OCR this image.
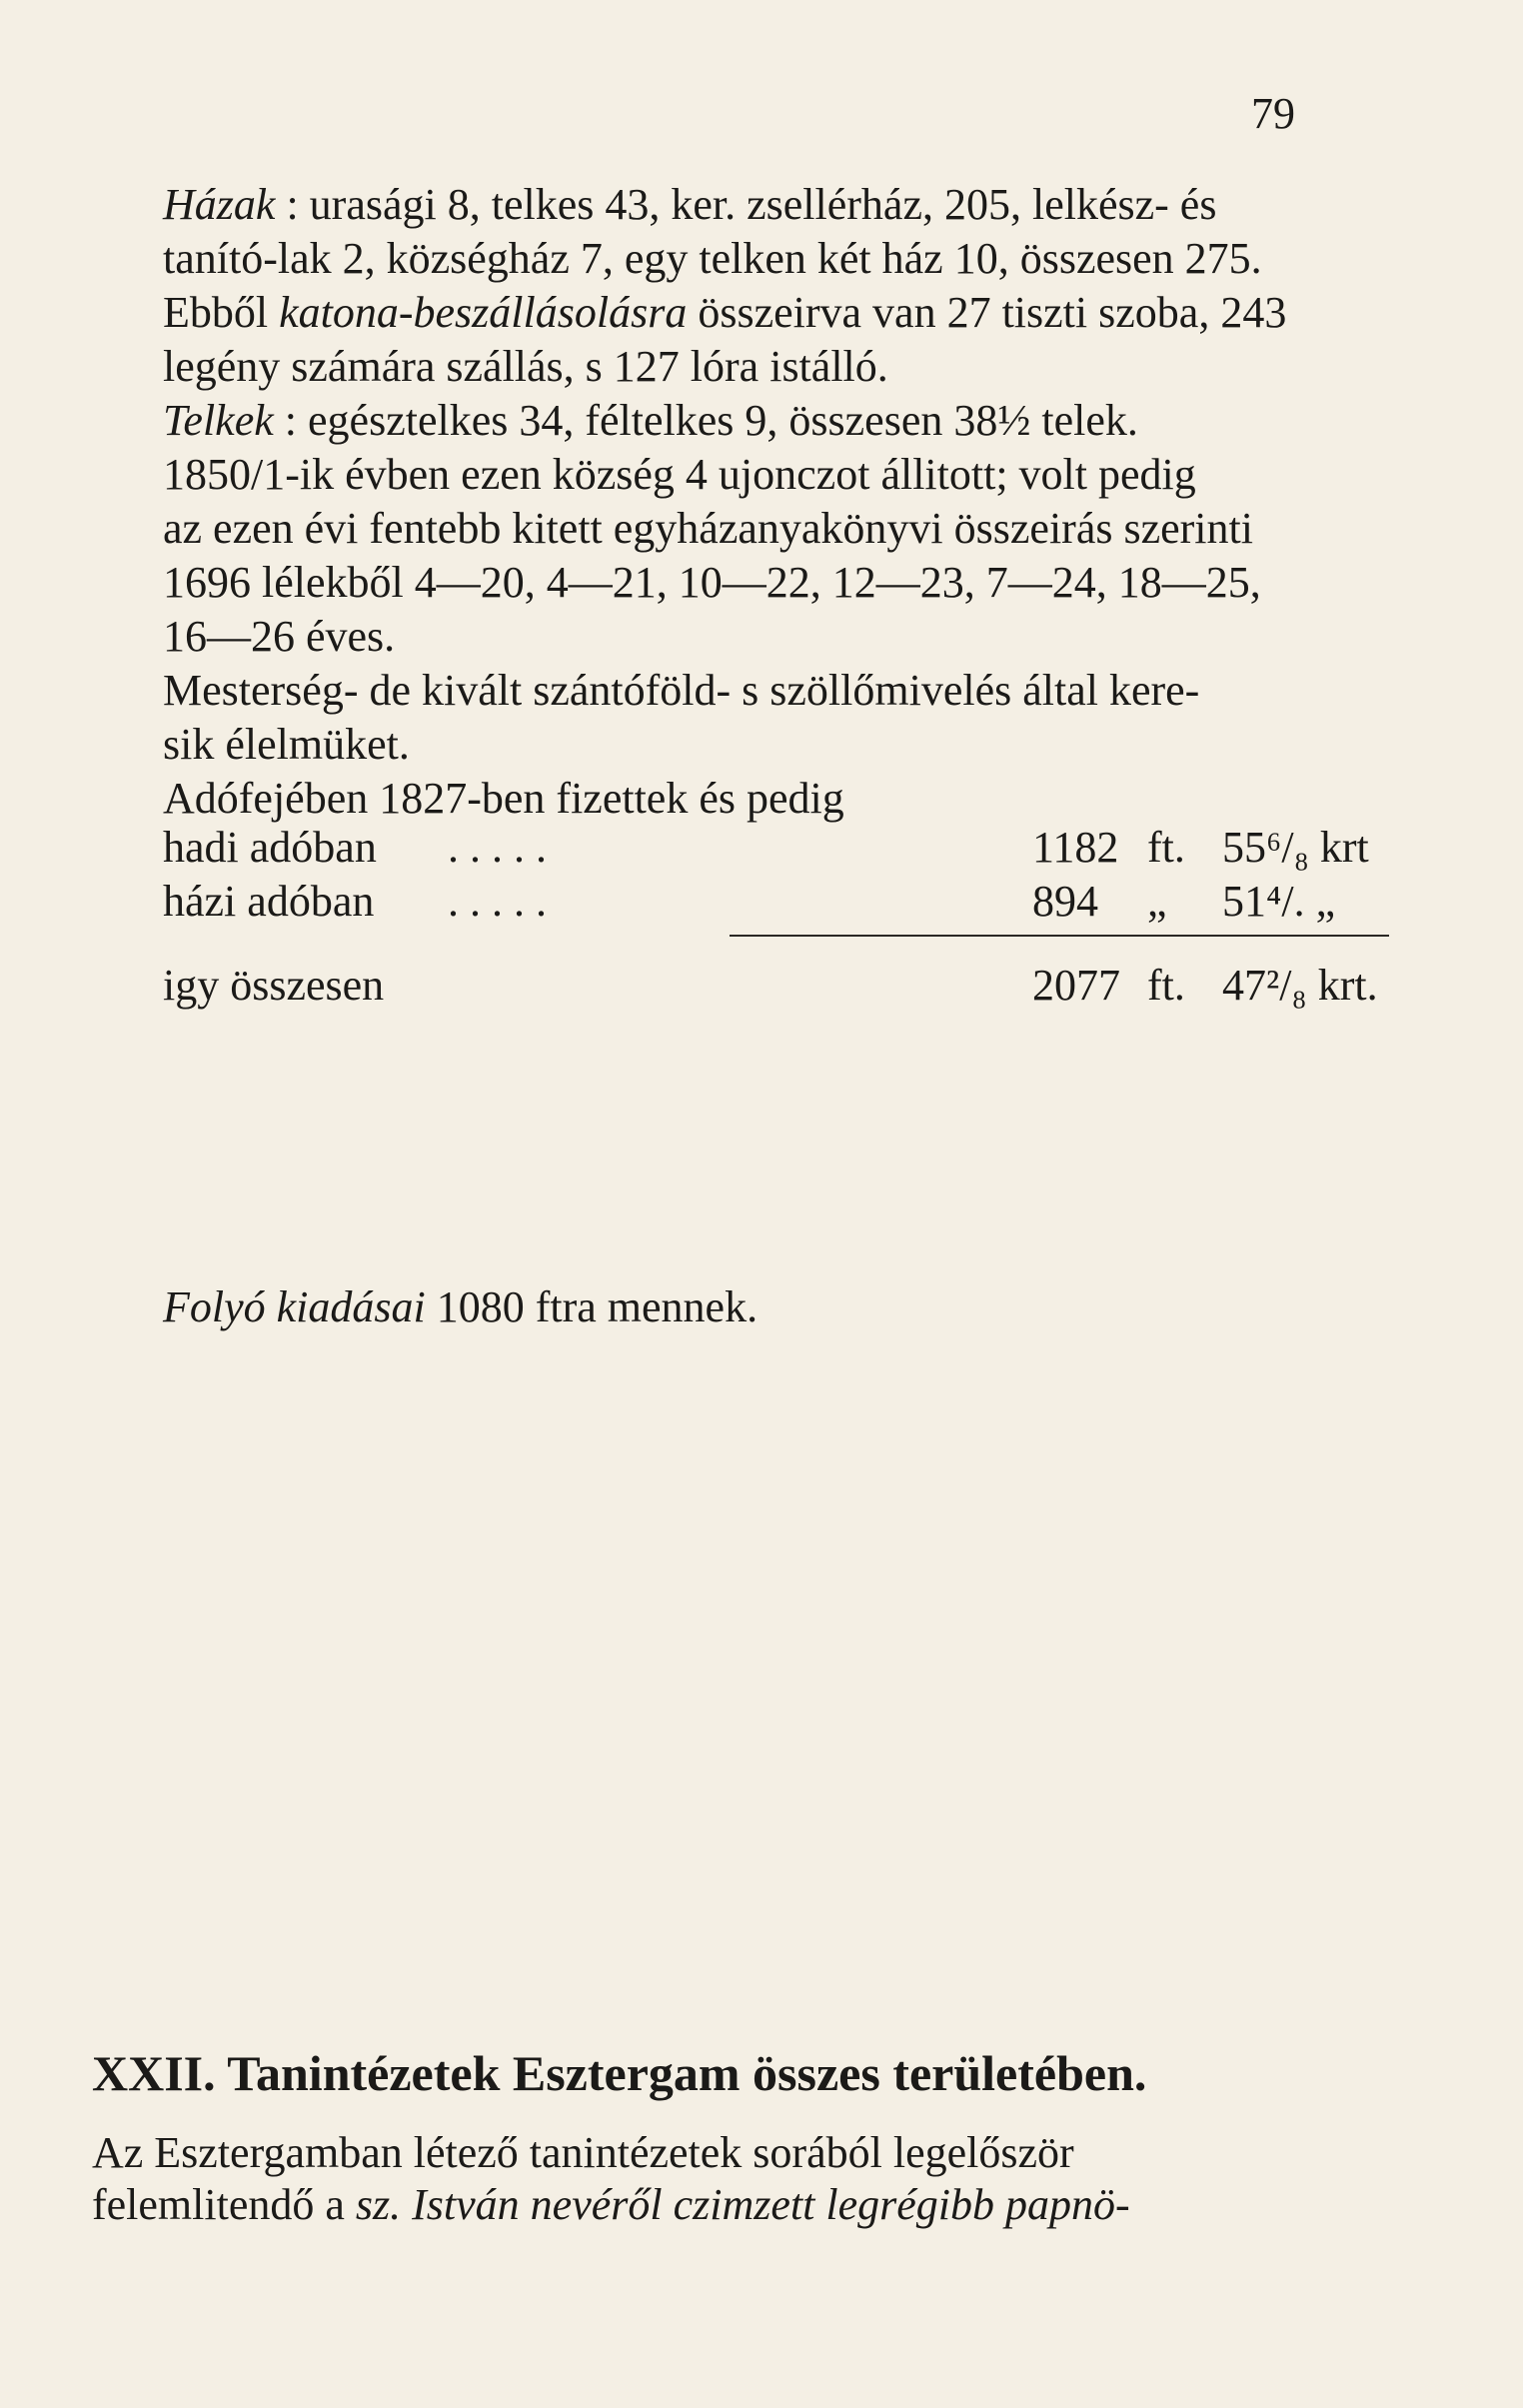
79
Házak : urasági 8, telkes 43, ker. zsellérház, 205, lelkész- és
tanító-lak 2, községház 7, egy telken két ház 10, összesen 275.
Ebből katona-beszállásolásra összeirva van 27 tiszti szoba, 243
legény számára szállás, s 127 lóra istálló.
Telkek : egésztelkes 34, féltelkes 9, összesen 38½ telek.
1850/1-ik évben ezen község 4 ujonczot állitott; volt pedig
az ezen évi fentebb kitett egyházanyakönyvi összeirás szerinti
1696 lélekből 4—20, 4—21, 10—22, 12—23, 7—24, 18—25,
16—26 éves.
Mesterség- de kivált szántóföld- s szöllőmivelés által kere-
sik élelmüket.
Adófejében 1827-ben fizettek és pedig
hadi adóban . . . . .	1182 ft. 55⁶/₈ krt
házi adóban . . . . .	894 „ 51⁴/. „
igy összesen	2077 ft. 47²/₈ krt.
Folyó kiadásai 1080 ftra mennek.
XXII. Tanintézetek Esztergam összes területében.
Az Esztergamban létező tanintézetek sorából legelőször
felemlitendő a sz. István nevéről czimzett legrégibb papnö-
